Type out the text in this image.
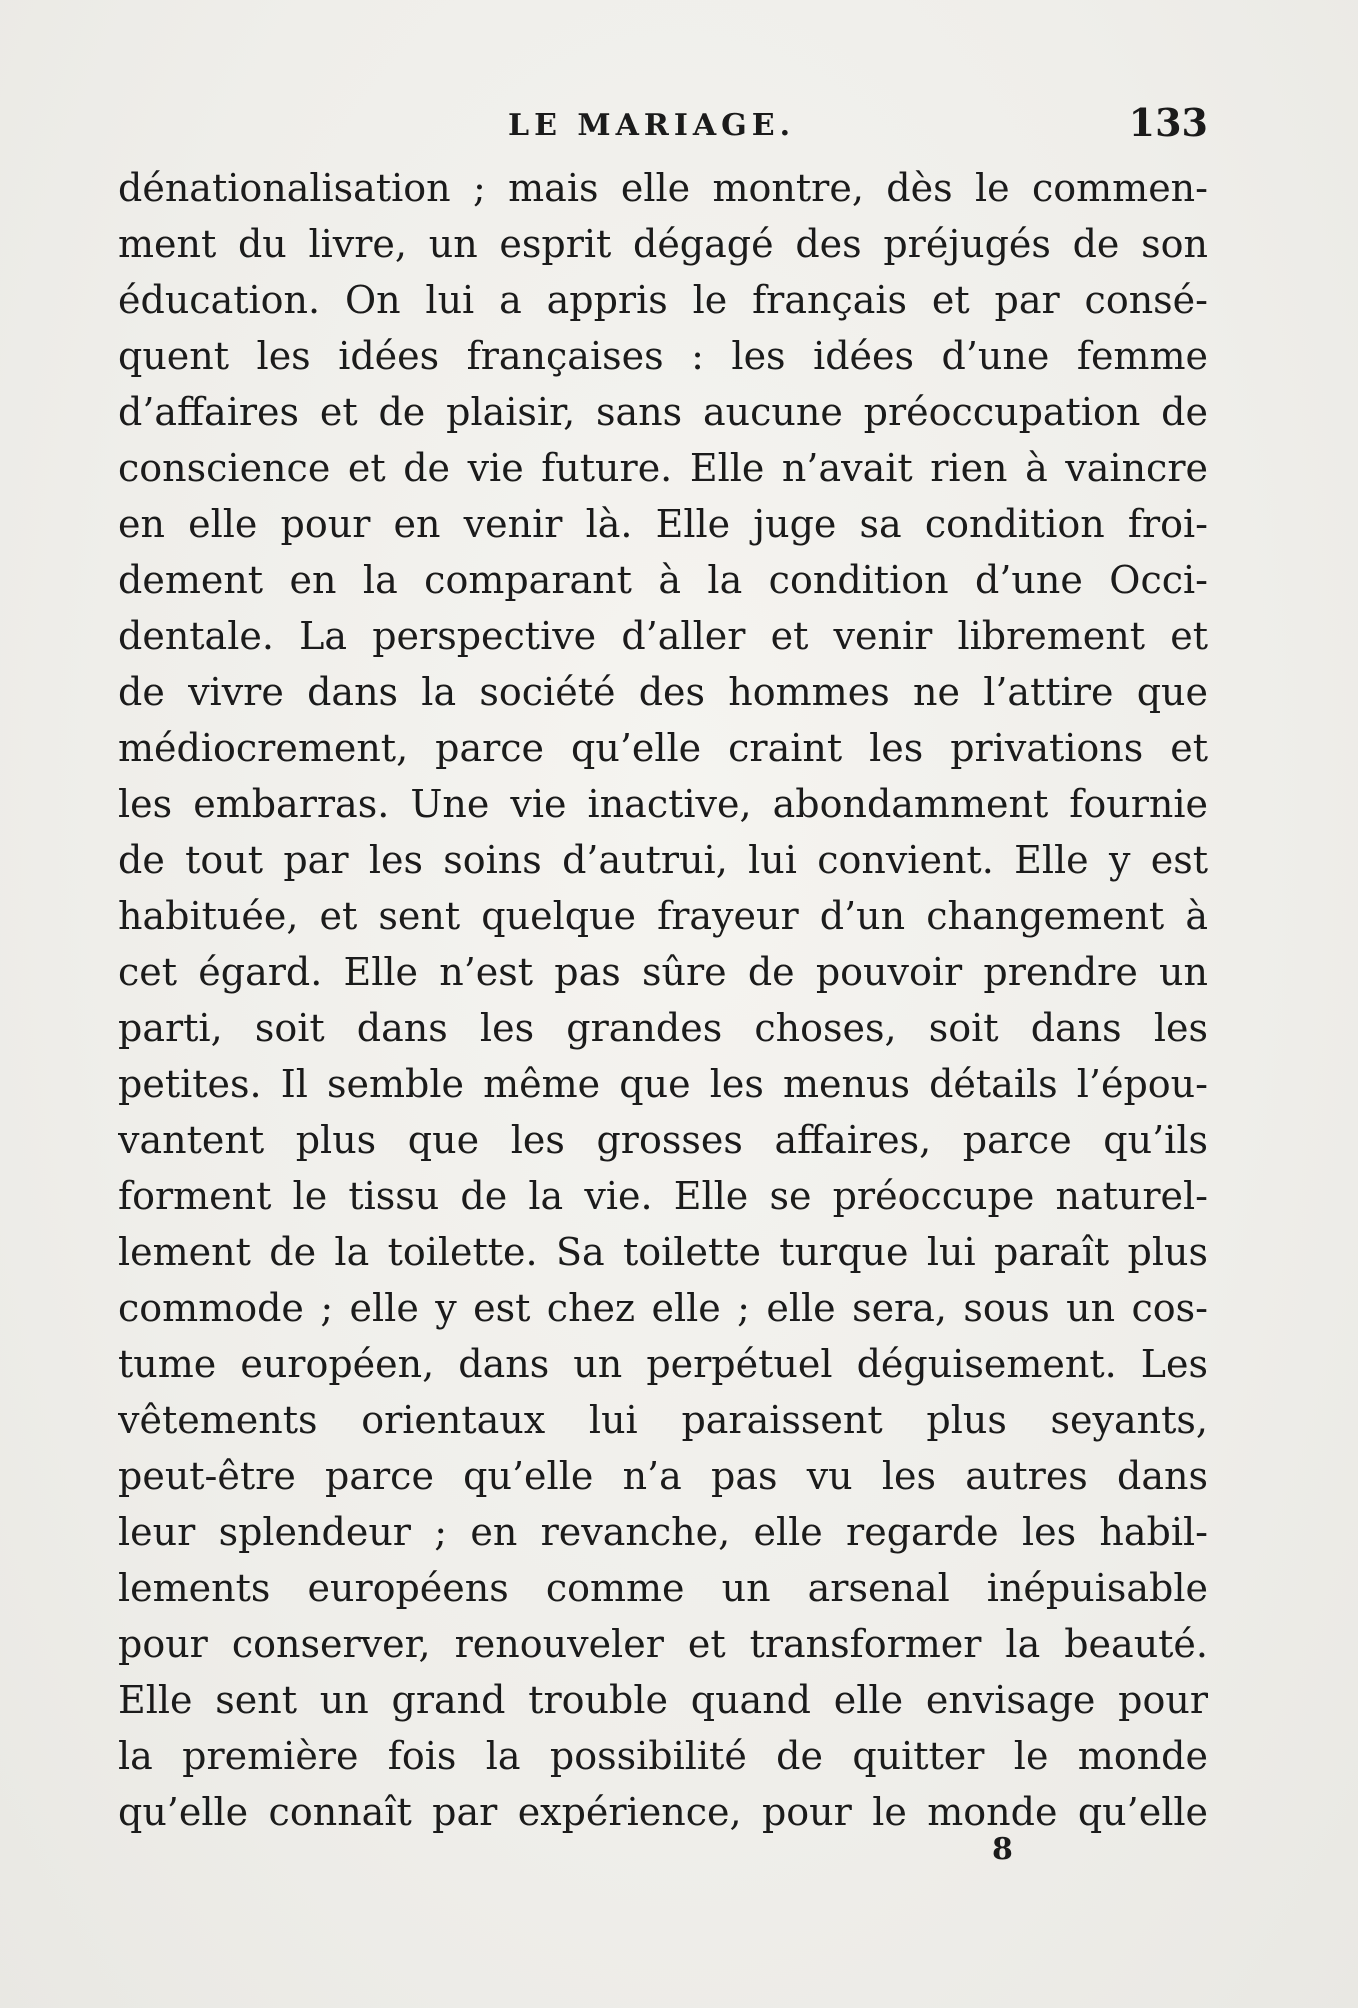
LE MARIAGE.	133
dénationalisation ; mais elle montre, dès le commen-
ment du livre, un esprit dégagé des préjugés de son
éducation. On lui a appris le français et par consé-
quent les idées françaises : les idées d’une femme
d’affaires et de plaisir, sans aucune préoccupation de
conscience et de vie future. Elle n’avait rien à vaincre
en elle pour en venir là. Elle juge sa condition froi-
dement en la comparant à la condition d’une Occi-
dentale. La perspective d’aller et venir librement et
de vivre dans la société des hommes ne l’attire que
médiocrement, parce qu’elle craint les privations et
les embarras. Une vie inactive, abondamment fournie
de tout par les soins d’autrui, lui convient. Elle y est
habituée, et sent quelque frayeur d’un changement à
cet égard. Elle n’est pas sûre de pouvoir prendre un
parti, soit dans les grandes choses, soit dans les
petites. Il semble même que les menus détails l’épou-
vantent plus que les grosses affaires, parce qu’ils
forment le tissu de la vie. Elle se préoccupe naturel-
lement de la toilette. Sa toilette turque lui paraît plus
commode ; elle y est chez elle ; elle sera, sous un cos-
tume européen, dans un perpétuel déguisement. Les
vêtements orientaux lui paraissent plus seyants,
peut-être parce qu’elle n’a pas vu les autres dans
leur splendeur ; en revanche, elle regarde les habil-
lements européens comme un arsenal inépuisable
pour conserver, renouveler et transformer la beauté.
Elle sent un grand trouble quand elle envisage pour
la première fois la possibilité de quitter le monde
qu’elle connaît par expérience, pour le monde qu’elle
8
